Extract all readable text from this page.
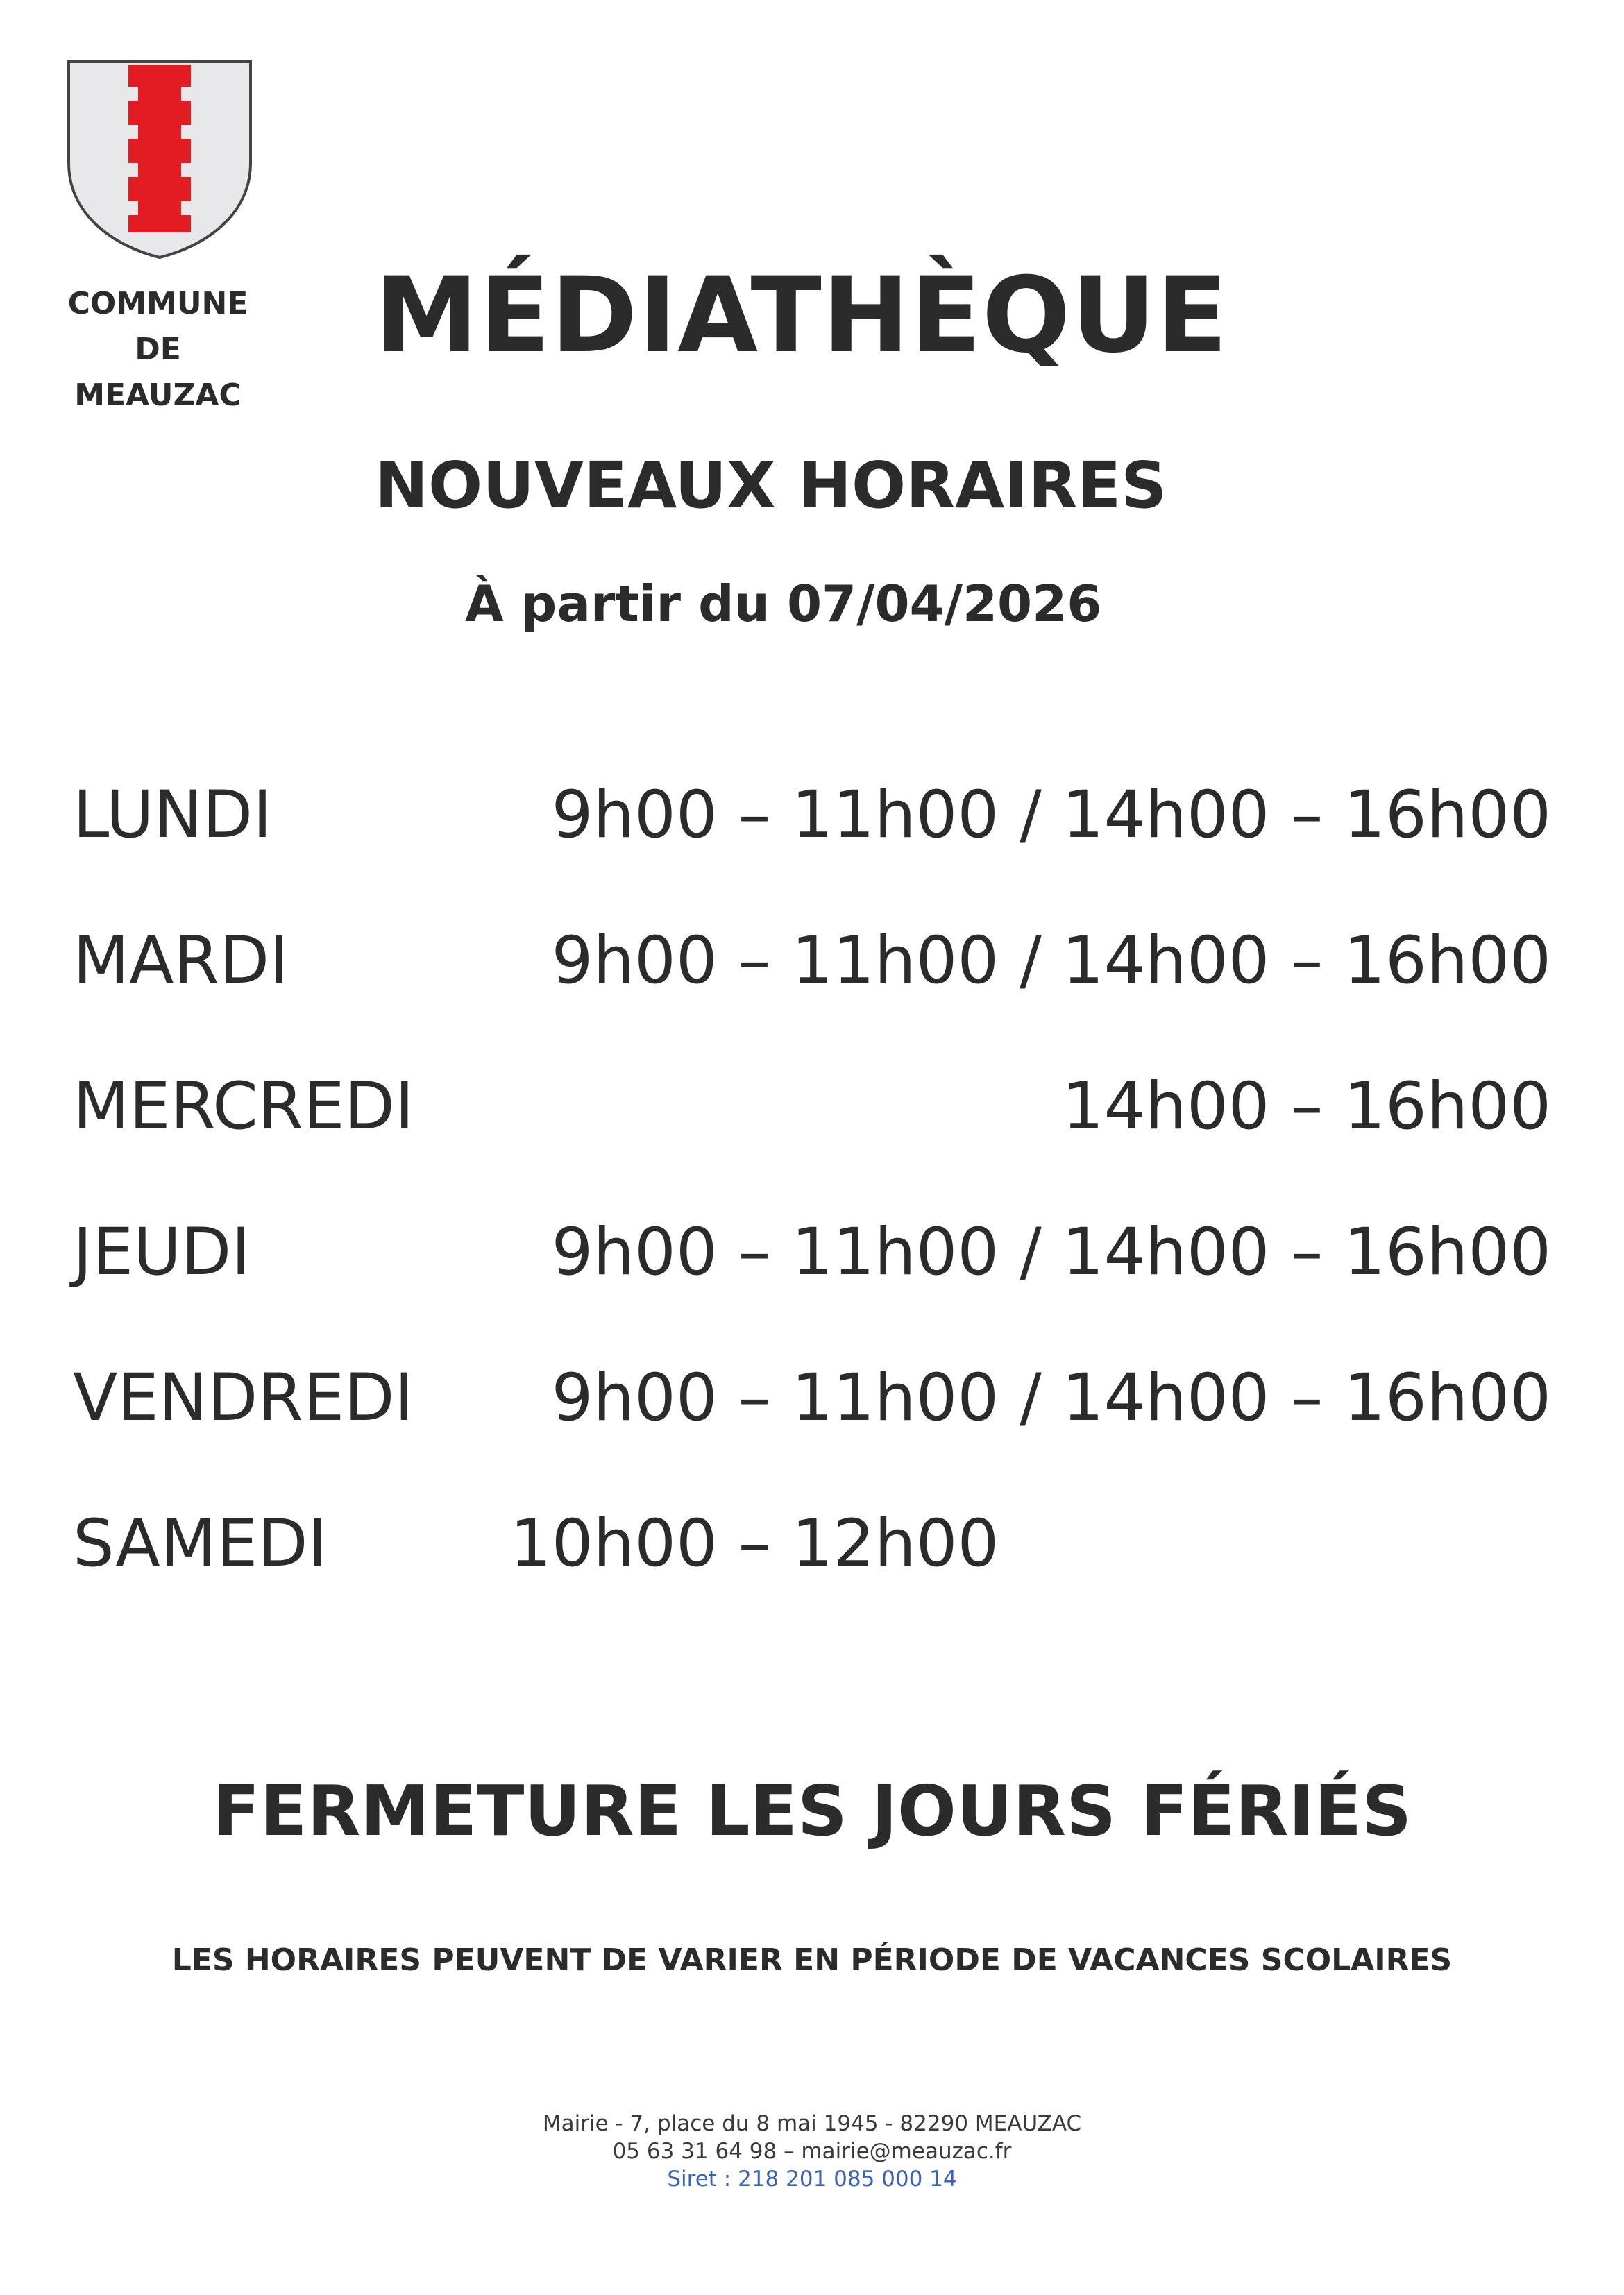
COMMUNE
DE
MEAUZAC
MÉDIATHÈQUE
NOUVEAUX HORAIRES
À partir du 07/04/2026
LUNDI	9h00 – 11h00 / 14h00 – 16h00
MARDI	9h00 – 11h00 / 14h00 – 16h00
MERCREDI	14h00 – 16h00
JEUDI	9h00 – 11h00 / 14h00 – 16h00
VENDREDI 9h00 – 11h00 / 14h00 – 16h00
SAMEDI	10h00 – 12h00
FERMETURE LES JOURS FÉRIÉS
LES HORAIRES PEUVENT DE VARIER EN PÉRIODE DE VACANCES SCOLAIRES
Mairie - 7, place du 8 mai 1945 - 82290 MEAUZAC
05 63 31 64 98 – mairie@meauzac.fr
Siret : 218 201 085 000 14
